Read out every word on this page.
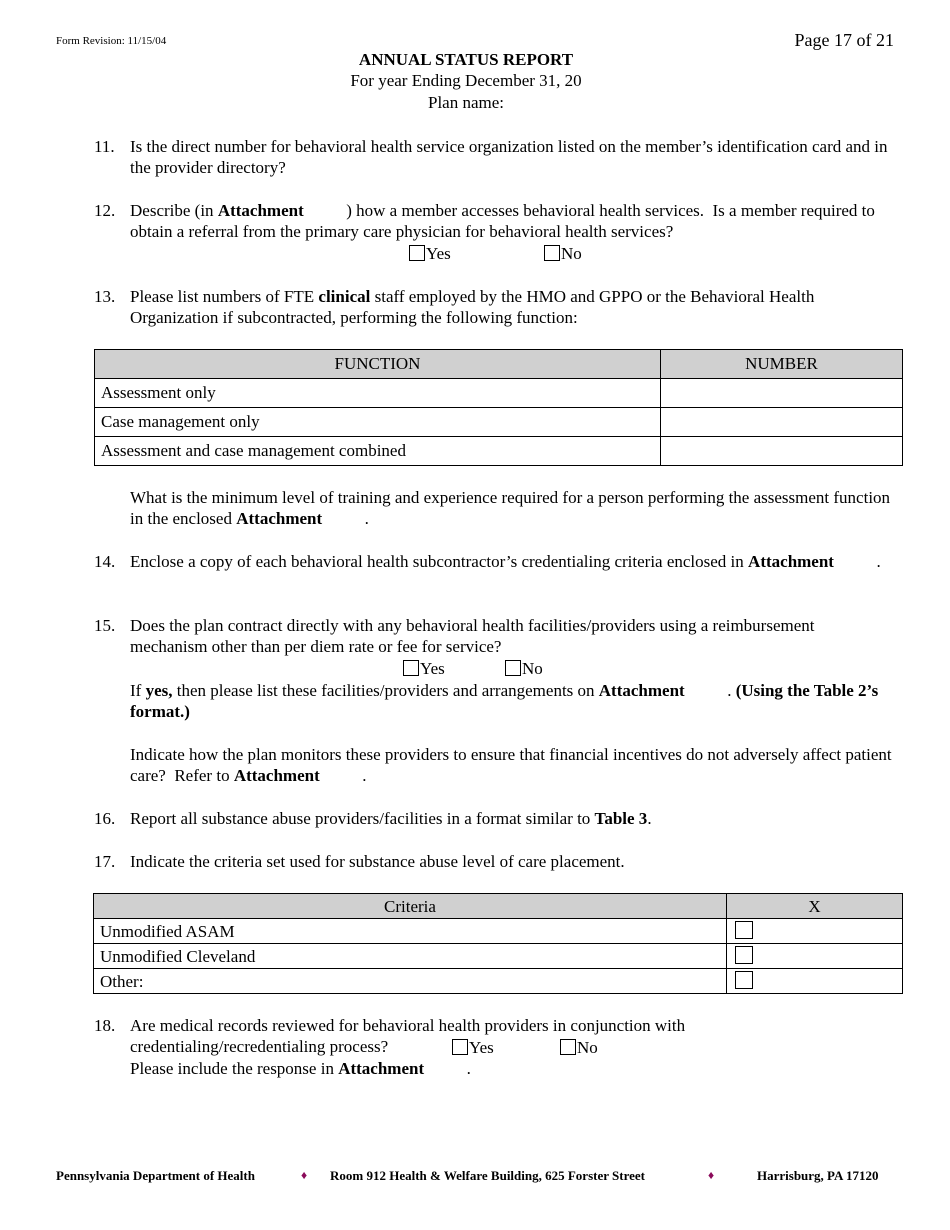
Form Revision: 11/15/04	Page 17 of 21
ANNUAL STATUS REPORT
For year Ending December 31, 20
Plan name:
11. Is the direct number for behavioral health service organization listed on the member’s identification card and in the provider directory?
12. Describe (in Attachment          ) how a member accesses behavioral health services.  Is a member required to obtain a referral from the primary care physician for behavioral health services?
Yes	No
13. Please list numbers of FTE clinical staff employed by the HMO and GPPO or the Behavioral Health Organization if subcontracted, performing the following function:
FUNCTION	NUMBER
Assessment only	
Case management only	
Assessment and case management combined	
What is the minimum level of training and experience required for a person performing the assessment function in the enclosed Attachment          .
14. Enclose a copy of each behavioral health subcontractor’s credentialing criteria enclosed in Attachment          .
15. Does the plan contract directly with any behavioral health facilities/providers using a reimbursement mechanism other than per diem rate or fee for service?
Yes	No
If yes, then please list these facilities/providers and arrangements on Attachment          . (Using the Table 2’s format.)
Indicate how the plan monitors these providers to ensure that financial incentives do not adversely affect patient care?  Refer to Attachment          .
16. Report all substance abuse providers/facilities in a format similar to Table 3.
17. Indicate the criteria set used for substance abuse level of care placement.
Criteria	X
Unmodified ASAM	
Unmodified Cleveland	
Other:	
18. Are medical records reviewed for behavioral health providers in conjunction with credentialing/recredentialing process?	Yes	No
Please include the response in Attachment          .
Pennsylvania Department of Health	♦ Room 912 Health & Welfare Building, 625 Forster Street	♦	Harrisburg, PA 17120
